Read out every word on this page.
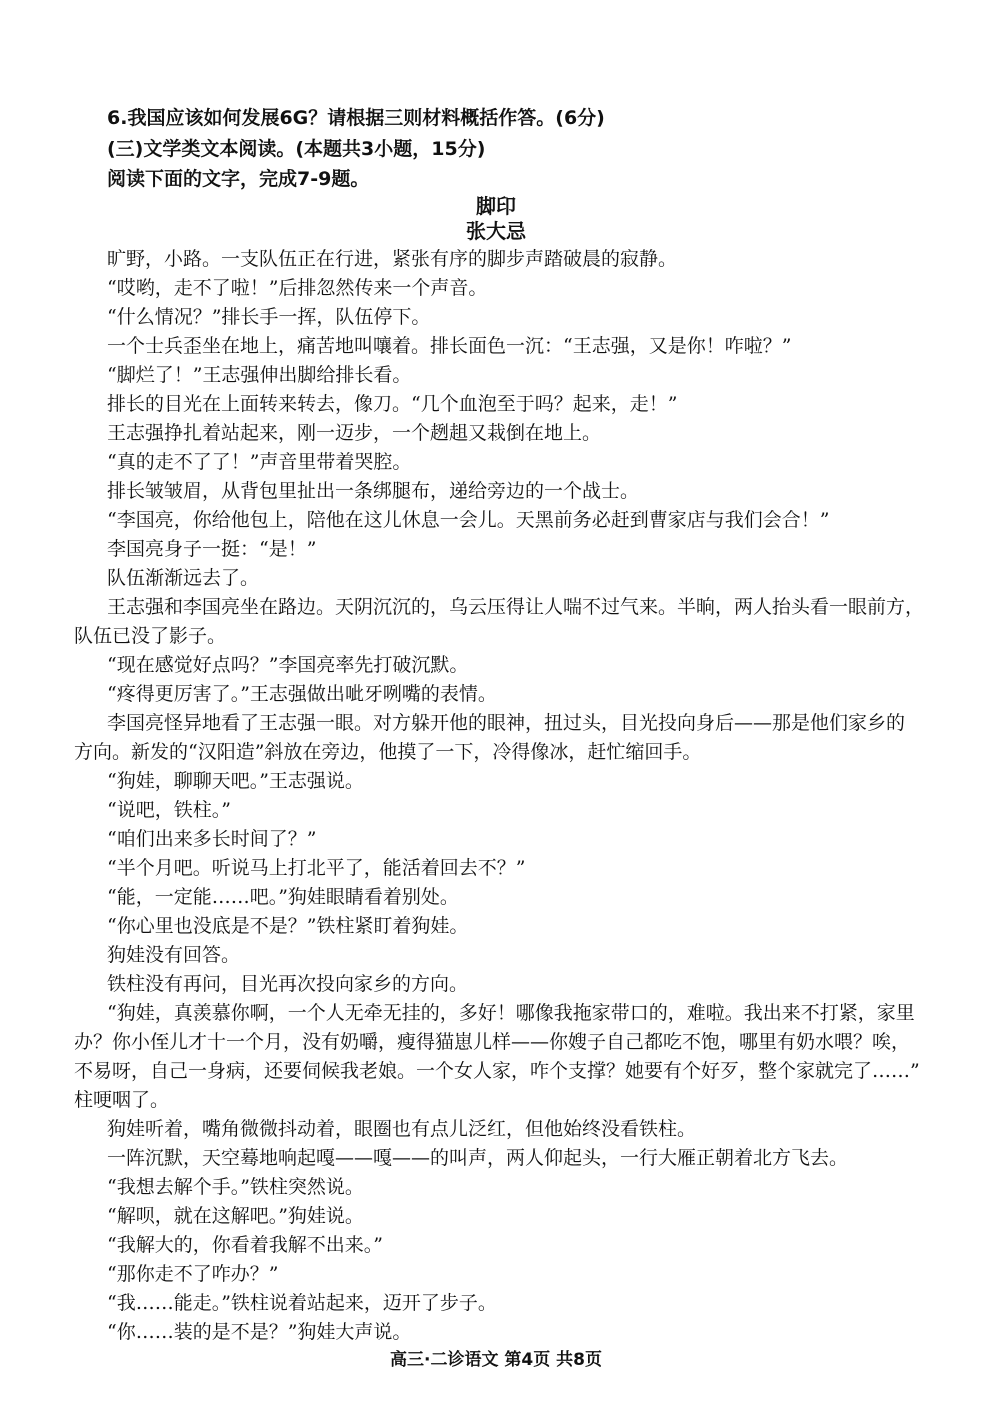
6.我国应该如何发展6G？请根据三则材料概括作答。(6分)
(三)文学类文本阅读。(本题共3小题，15分)
阅读下面的文字，完成7-9题。
脚印
张大忌
旷野，小路。一支队伍正在行进，紧张有序的脚步声踏破晨的寂静。
“哎哟，走不了啦！”后排忽然传来一个声音。
“什么情况？”排长手一挥，队伍停下。
一个士兵歪坐在地上，痛苦地叫嚷着。排长面色一沉：“王志强，又是你！咋啦？”
“脚烂了！”王志强伸出脚给排长看。
排长的目光在上面转来转去，像刀。“几个血泡至于吗？起来，走！”
王志强挣扎着站起来，刚一迈步，一个趔趄又栽倒在地上。
“真的走不了了！”声音里带着哭腔。
排长皱皱眉，从背包里扯出一条绑腿布，递给旁边的一个战士。
“李国亮，你给他包上，陪他在这儿休息一会儿。天黑前务必赶到曹家店与我们会合！”
李国亮身子一挺：“是！”
队伍渐渐远去了。
王志强和李国亮坐在路边。天阴沉沉的，乌云压得让人喘不过气来。半晌，两人抬头看一眼前方，
队伍已没了影子。
“现在感觉好点吗？”李国亮率先打破沉默。
“疼得更厉害了。”王志强做出呲牙咧嘴的表情。
李国亮怪异地看了王志强一眼。对方躲开他的眼神，扭过头，目光投向身后——那是他们家乡的
方向。新发的“汉阳造”斜放在旁边，他摸了一下，冷得像冰，赶忙缩回手。
“狗娃，聊聊天吧。”王志强说。
“说吧，铁柱。”
“咱们出来多长时间了？”
“半个月吧。听说马上打北平了，能活着回去不？”
“能，一定能……吧。”狗娃眼睛看着别处。
“你心里也没底是不是？”铁柱紧盯着狗娃。
狗娃没有回答。
铁柱没有再问，目光再次投向家乡的方向。
“狗娃，真羡慕你啊，一个人无牵无挂的，多好！哪像我拖家带口的，难啦。我出来不打紧，家里
办？你小侄儿才十一个月，没有奶嚼，瘦得猫崽儿样——你嫂子自己都吃不饱，哪里有奶水喂？唉，
不易呀，自己一身病，还要伺候我老娘。一个女人家，咋个支撑？她要有个好歹，整个家就完了……”
柱哽咽了。
狗娃听着，嘴角微微抖动着，眼圈也有点儿泛红，但他始终没看铁柱。
一阵沉默，天空蓦地响起嘎——嘎——的叫声，两人仰起头，一行大雁正朝着北方飞去。
“我想去解个手。”铁柱突然说。
“解呗，就在这解吧。”狗娃说。
“我解大的，你看着我解不出来。”
“那你走不了咋办？”
“我……能走。”铁柱说着站起来，迈开了步子。
“你……装的是不是？”狗娃大声说。
高三·二诊语文 第4页 共8页
